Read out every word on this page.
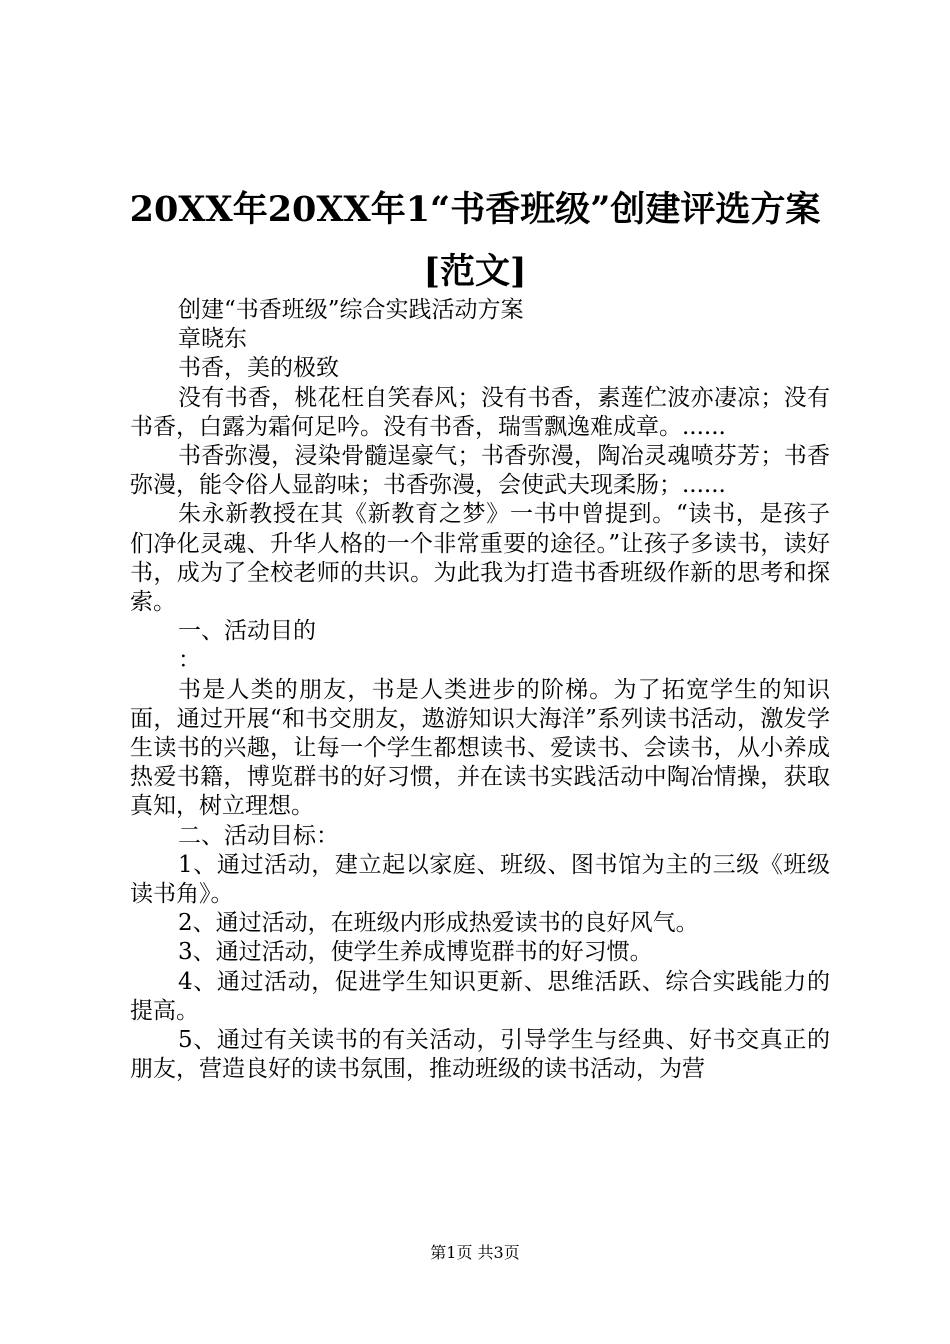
20XX年20XX年1“书香班级”创建评选方案
[范文]

创建“书香班级”综合实践活动方案

章晓东

书香，美的极致

没有书香，桃花枉自笑春风；没有书香，素莲伫波亦凄凉；没有书香，白露为霜何足吟。没有书香，瑞雪飘逸难成章。......

书香弥漫，浸染骨髓逞豪气；书香弥漫，陶冶灵魂喷芬芳；书香弥漫，能令俗人显韵味；书香弥漫，会使武夫现柔肠；......

朱永新教授在其《新教育之梦》一书中曾提到。“读书，是孩子们净化灵魂、升华人格的一个非常重要的途径。”让孩子多读书，读好书，成为了全校老师的共识。为此我为打造书香班级作新的思考和探索。

一、活动目的

：

书是人类的朋友，书是人类进步的阶梯。为了拓宽学生的知识面，通过开展“和书交朋友，遨游知识大海洋”系列读书活动，激发学生读书的兴趣，让每一个学生都想读书、爱读书、会读书，从小养成热爱书籍，博览群书的好习惯，并在读书实践活动中陶冶情操，获取真知，树立理想。

二、活动目标：

1、通过活动，建立起以家庭、班级、图书馆为主的三级《班级读书角》。

2、通过活动，在班级内形成热爱读书的良好风气。

3、通过活动，使学生养成博览群书的好习惯。

4、通过活动，促进学生知识更新、思维活跃、综合实践能力的提高。

5、通过有关读书的有关活动，引导学生与经典、好书交真正的朋友，营造良好的读书氛围，推动班级的读书活动，为营

第1页 共3页
